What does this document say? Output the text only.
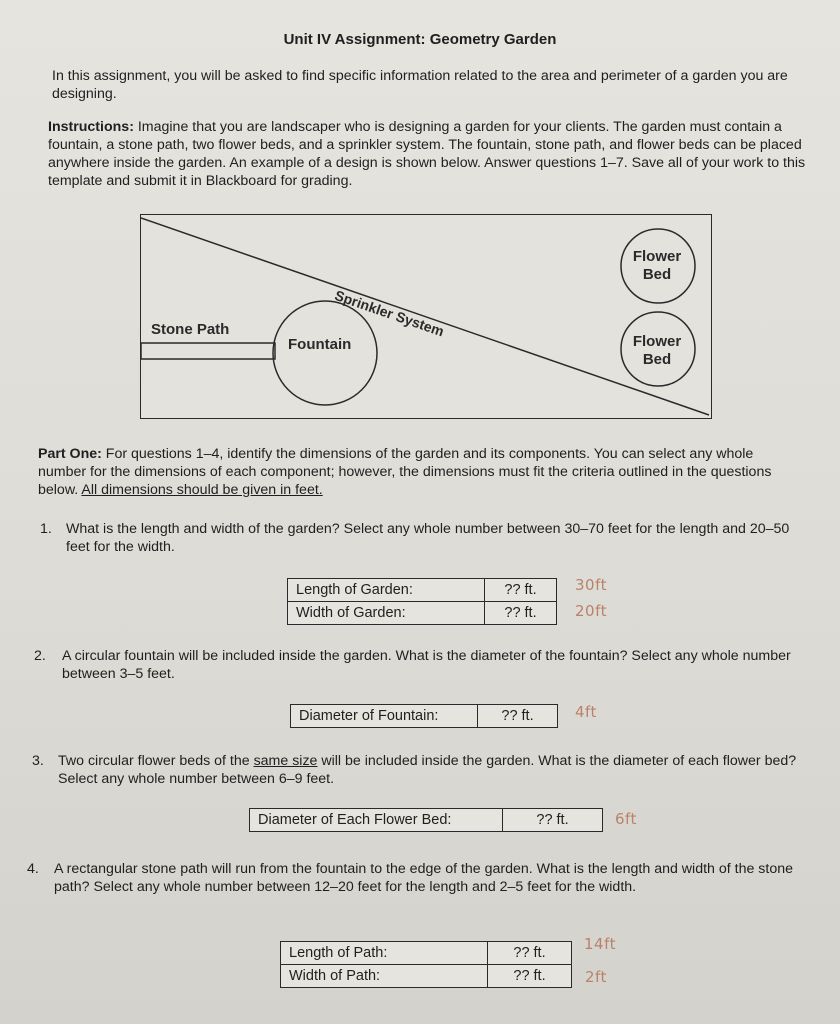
Unit IV Assignment: Geometry Garden
In this assignment, you will be asked to find specific information related to the area and perimeter of a garden you are designing.
Instructions: Imagine that you are landscaper who is designing a garden for your clients. The garden must contain a fountain, a stone path, two flower beds, and a sprinkler system. The fountain, stone path, and flower beds can be placed anywhere inside the garden. An example of a design is shown below. Answer questions 1–7. Save all of your work to this template and submit it in Blackboard for grading.
Sprinkler System
Stone Path
Fountain
Flower
Bed
Flower
Bed
Part One: For questions 1–4, identify the dimensions of the garden and its components. You can select any whole number for the dimensions of each component; however, the dimensions must fit the criteria outlined in the questions below. All dimensions should be given in feet.
1. What is the length and width of the garden? Select any whole number between 30–70 feet for the length and 20–50 feet for the width.
Length of Garden:	?? ft.
Width of Garden:	?? ft.
30ft
20ft
2. A circular fountain will be included inside the garden. What is the diameter of the fountain? Select any whole number between 3–5 feet.
Diameter of Fountain:	?? ft.	4ft
3. Two circular flower beds of the same size will be included inside the garden. What is the diameter of each flower bed? Select any whole number between 6–9 feet.
Diameter of Each Flower Bed:	?? ft.	6ft
4. A rectangular stone path will run from the fountain to the edge of the garden. What is the length and width of the stone path? Select any whole number between 12–20 feet for the length and 2–5 feet for the width.
Length of Path:	?? ft.
Width of Path:	?? ft.
14ft
2ft
